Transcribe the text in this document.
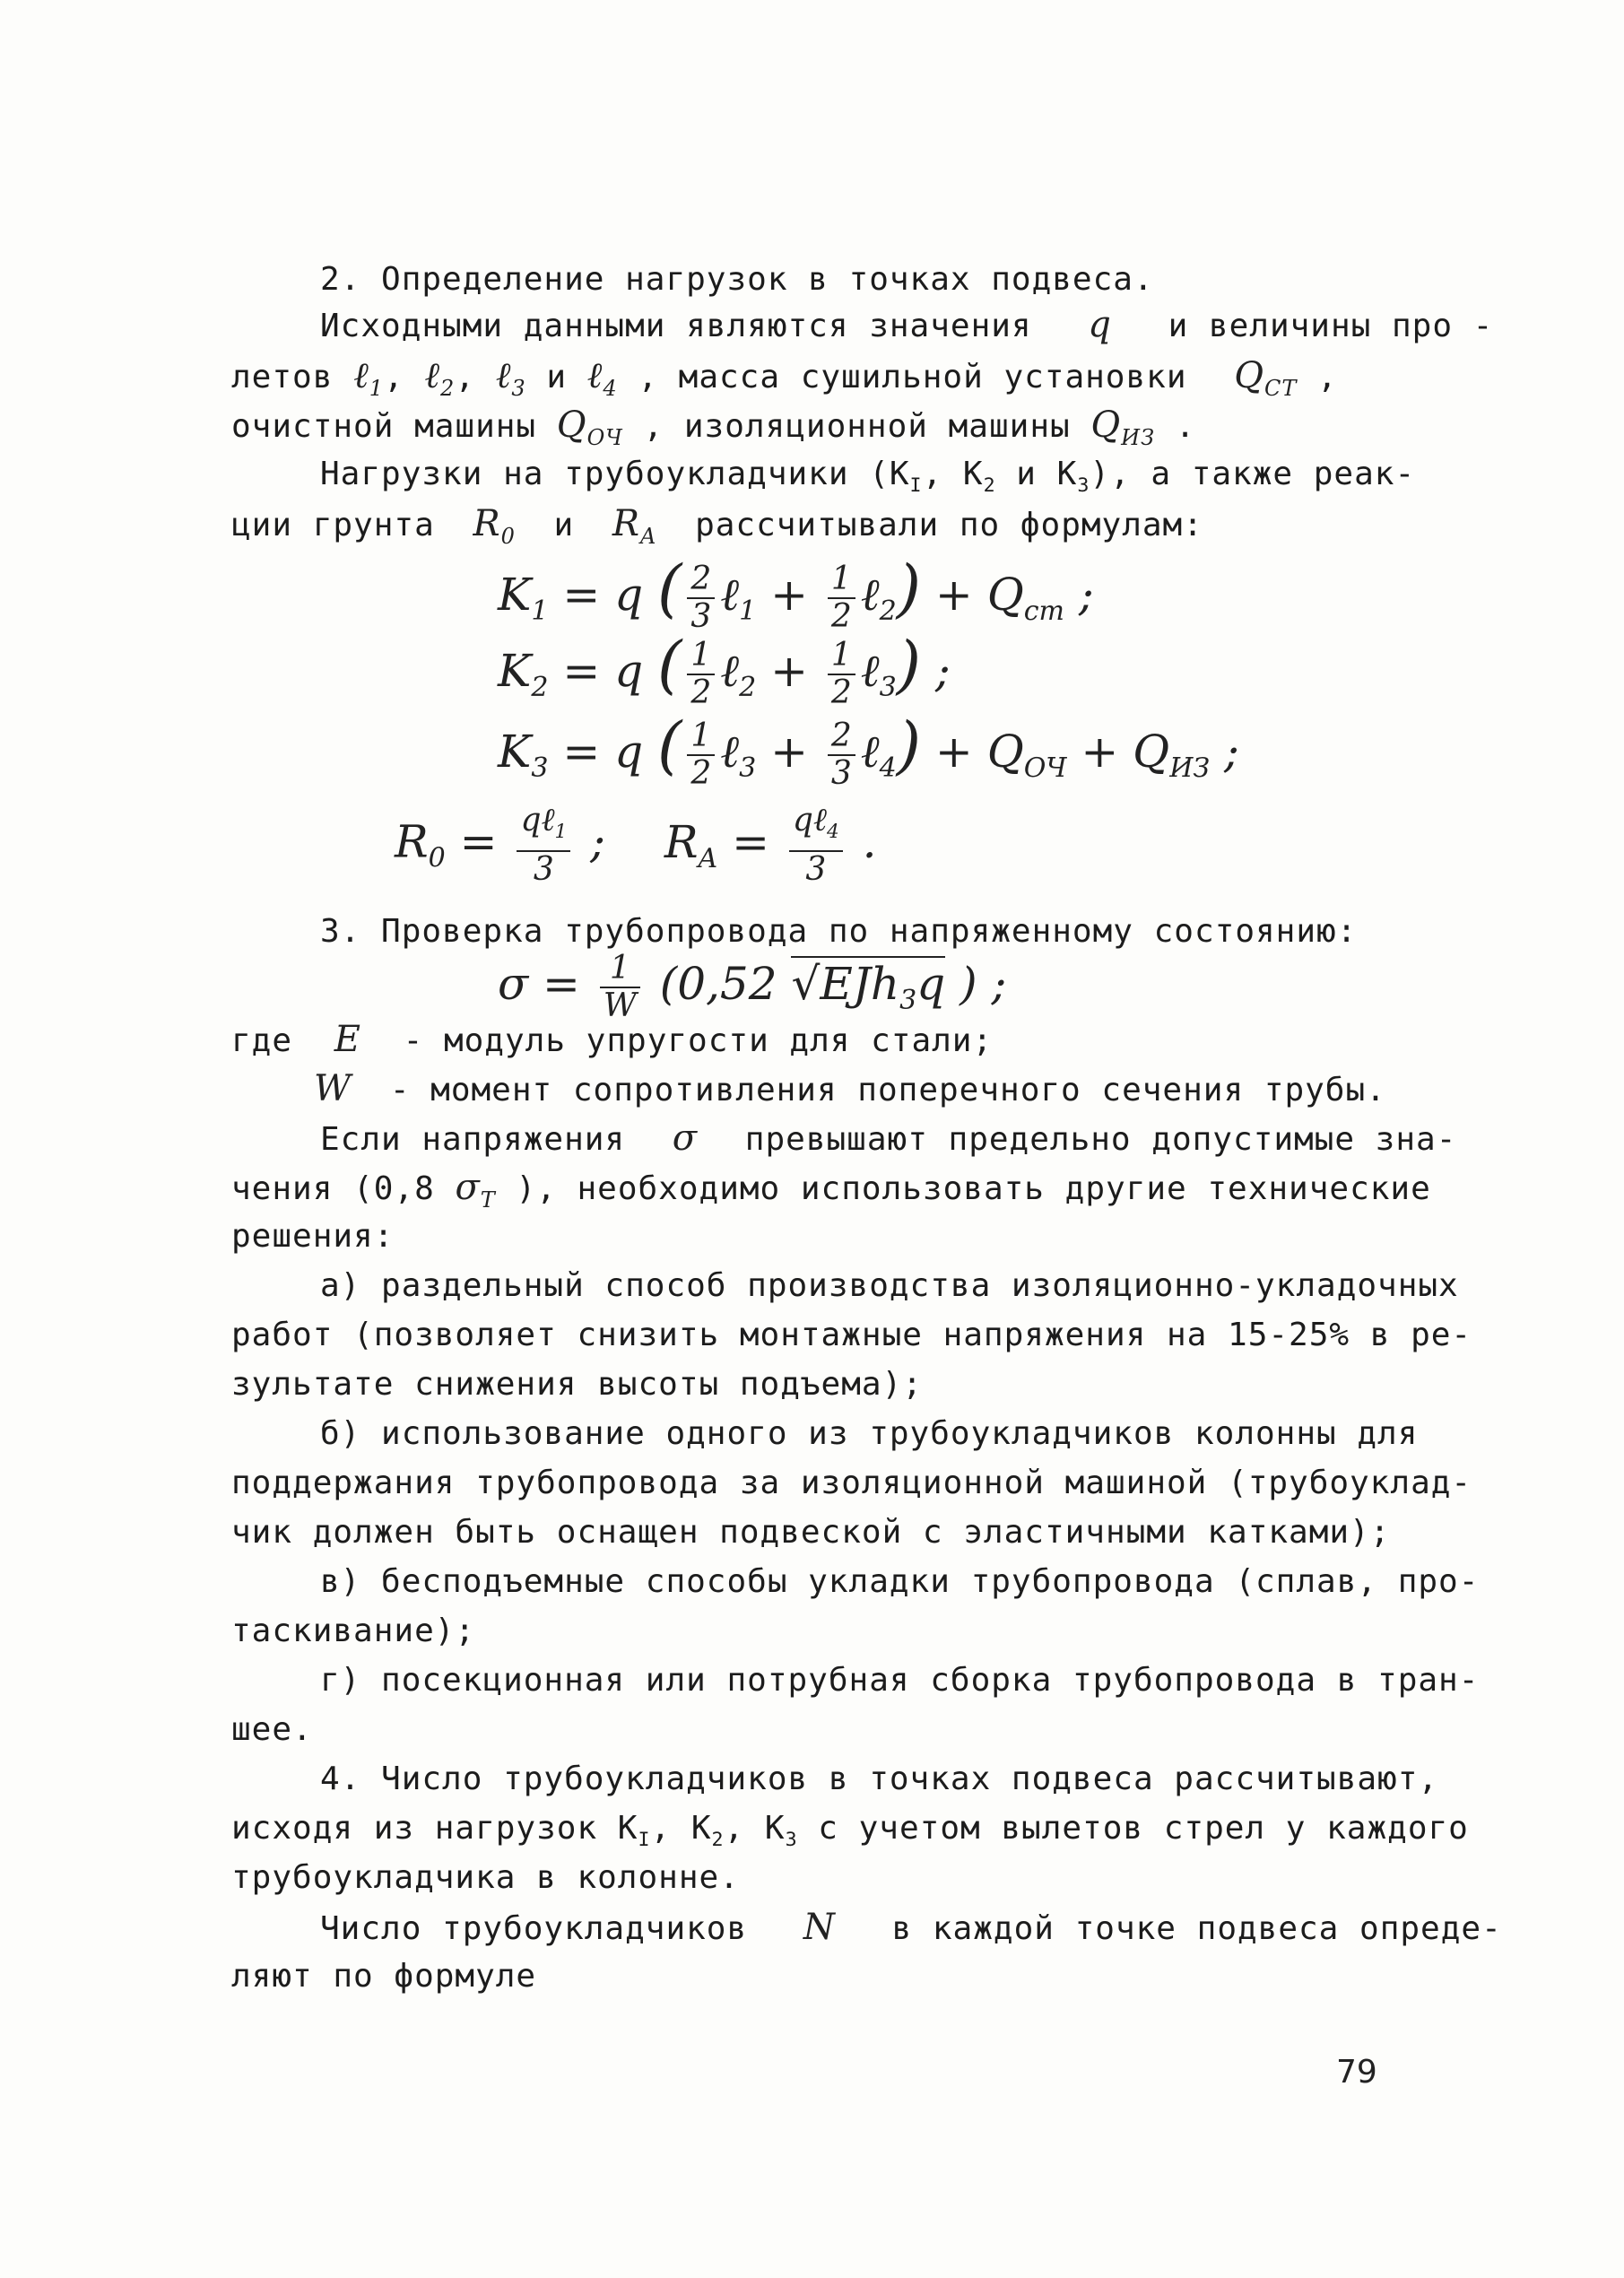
2. Определение нагрузок в точках подвеса.
Исходными данными являются значения q и величины про -
летов ℓ$_1$, ℓ$_2$, ℓ$_3$ и ℓ$_4$ , масса сушильной установки $Q_{СТ}$ ,
очистной машины $Q_{ОЧ}$ , изоляционной машины $Q_{ИЗ}$ .
Нагрузки на трубоукладчики ($К_I$, $К_2$ и $К_3$), а также реак-
ции грунта $R_0$ и $R_A$ рассчитывали по формулам:
$K_1 = q$ ( $\frac{2}{3}$ ℓ$_1$ + $\frac{1}{2}$ ℓ$_2$) + $Q_{cm}$ ;
$K_2 = q$ ( $\frac{1}{2}$ ℓ$_2$ + $\frac{1}{2}$ ℓ$_3$) ;
$K_3 = q$ ( $\frac{1}{2}$ ℓ$_3$ + $\frac{2}{3}$ ℓ$_4$) + $Q_{ОЧ} + Q_{ИЗ}$ ;
$R_0 = \frac{q\ell_1}{3}$ ; $R_A = \frac{q\ell_4}{3}$ .
3. Проверка трубопровода по напряженному состоянию:
$\sigma = \frac{1}{W} (0,52$ √EJh$_3$q ) ;
где E - модуль упругости для стали;
W - момент сопротивления поперечного сечения трубы.
Если напряжения σ превышают предельно допустимые зна-
чения (0,8 $\sigma_T$ ), необходимо использовать другие технические
решения:
а) раздельный способ производства изоляционно-укладочных
работ (позволяет снизить монтажные напряжения на 15-25% в ре-
зультате снижения высоты подъема);
б) использование одного из трубоукладчиков колонны для
поддержания трубопровода за изоляционной машиной (трубоуклад-
чик должен быть оснащен подвеской с эластичными катками);
в) бесподъемные способы укладки трубопровода (сплав, про-
таскивание);
г) посекционная или потрубная сборка трубопровода в тран-
шее.
4. Число трубоукладчиков в точках подвеса рассчитывают,
исходя из нагрузок $К_I$, $К_2$, $К_3$ с учетом вылетов стрел у каждого
трубоукладчика в колонне.
Число трубоукладчиков N в каждой точке подвеса опреде-
ляют по формуле
79
